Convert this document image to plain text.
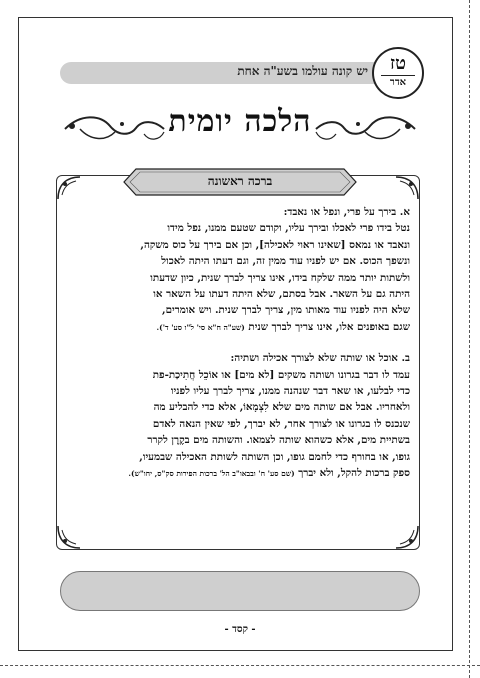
יש קונה עולמו בשע"ה אחת	טז
אדר
הלכה יומית
ברכה ראשונה

א. בירך על פרי, ונפל או נאבד:

נטל בידו פרי לאכלו ובירך עליו, וקודם שטעם ממנו, נפל מידו

ונאבד או נמאס [שאינו ראוי לאכילה], וכן אם בירך על כוס משקה,

ונשפך הכוס. אם יש לפניו עוד ממין זה, וגם דעתו היתה לאכול

ולשתות יותר ממה שלקח בידו, אינו צריך לברך שנית, כיון שדעתו

היתה גם על השאר. אבל בסתם, שלא היתה דעתו על השאר או

שלא היה לפניו עוד מאותו מין, צריך לברך שנית. ויש אומרים,

שגם באופנים אלו, אינו צריך לברך שנית (שע"ה ח"א סי' ל"ו סע' ד').

ב. אוכל או שותה שלא לצורך אכילה ושתיה:

עמד לו דבר בגרונו ושותה משקים [לא מים] או אוֹכֵל חֲתִיכַת-פת

כדי לבלעו, או שאר דבר שנהנה ממנו, צריך לברך עליו לפניו

ולאחריו. אבל אם שותה מים שלא לִצְמָאוֹ, אלא כדי להבליע מה

שנכנס לו בגרונו או לצורך אחר, לא יברך, לפי שאין הנאה לאדם

בשתיית מים, אלא כשהוא שותה לצמאו. והשותה מים בקֶרֶן לקרר

גופו, או בחורף כדי לחמם גופו, וכן השותה לשותת האכילה שבמעיו,

ספק ברכות להקל, ולא יברך (שם סע' ח' ובבאו"ב הל' ברכות הפירות סק"ס, יחו"ש).

- קסד -
